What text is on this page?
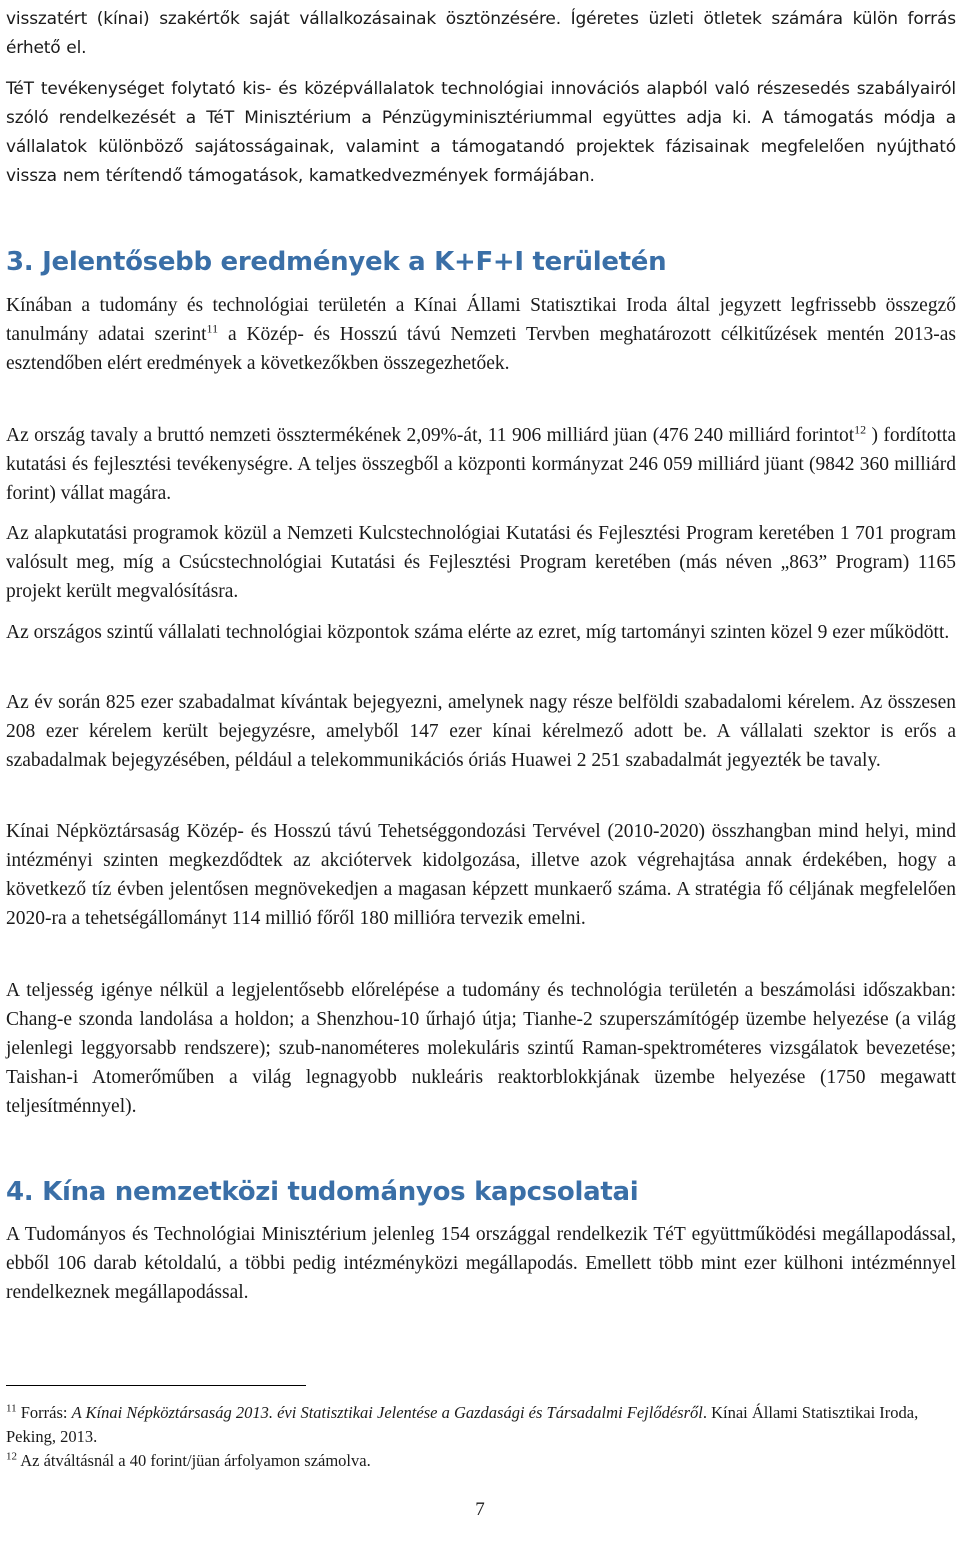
visszatért (kínai) szakértők saját vállalkozásainak ösztönzésére. Ígéretes üzleti ötletek számára külön forrás érhető el.

TéT tevékenységet folytató kis- és középvállalatok technológiai innovációs alapból való részesedés szabályairól szóló rendelkezését a TéT Minisztérium a Pénzügyminisztériummal együttes adja ki. A támogatás módja a vállalatok különböző sajátosságainak, valamint a támogatandó projektek fázisainak megfelelően nyújtható vissza nem térítendő támogatások, kamatkedvezmények formájában.

3. Jelentősebb eredmények a K+F+I területén

Kínában a tudomány és technológiai területén a Kínai Állami Statisztikai Iroda által jegyzett legfrissebb összegző tanulmány adatai szerint$^{11}$ a Közép- és Hosszú távú Nemzeti Tervben meghatározott célkitűzések mentén 2013-as esztendőben elért eredmények a következőkben összegezhetőek.

Az ország tavaly a bruttó nemzeti össztermékének 2,09%-át, 11 906 milliárd jüan (476 240 milliárd forintot$^{12}$ ) fordította kutatási és fejlesztési tevékenységre. A teljes összegből a központi kormányzat 246 059 milliárd jüant (9842 360 milliárd forint) vállat magára.

Az alapkutatási programok közül a Nemzeti Kulcstechnológiai Kutatási és Fejlesztési Program keretében 1 701 program valósult meg, míg a Csúcstechnológiai Kutatási és Fejlesztési Program keretében (más néven „863” Program) 1165 projekt került megvalósításra.

Az országos szintű vállalati technológiai központok száma elérte az ezret, míg tartományi szinten közel 9 ezer működött.

Az év során 825 ezer szabadalmat kívántak bejegyezni, amelynek nagy része belföldi szabadalomi kérelem. Az összesen 208 ezer kérelem került bejegyzésre, amelyből 147 ezer kínai kérelmező adott be. A vállalati szektor is erős a szabadalmak bejegyzésében, például a telekommunikációs óriás Huawei 2 251 szabadalmát jegyezték be tavaly.

Kínai Népköztársaság Közép- és Hosszú távú Tehetséggondozási Tervével (2010-2020) összhangban mind helyi, mind intézményi szinten megkezdődtek az akciótervek kidolgozása, illetve azok végrehajtása annak érdekében, hogy a következő tíz évben jelentősen megnövekedjen a magasan képzett munkaerő száma. A stratégia fő céljának megfelelően 2020-ra a tehetségállományt 114 millió főről 180 millióra tervezik emelni.

A teljesség igénye nélkül a legjelentősebb előrelépése a tudomány és technológia területén a beszámolási időszakban: Chang-e szonda landolása a holdon; a Shenzhou-10 űrhajó útja; Tianhe-2 szuperszámítógép üzembe helyezése (a világ jelenlegi leggyorsabb rendszere); szub-nanométeres molekuláris szintű Raman-spektrométeres vizsgálatok bevezetése; Taishan-i Atomerőműben a világ legnagyobb nukleáris reaktorblokkjának üzembe helyezése (1750 megawatt teljesítménnyel).

4. Kína nemzetközi tudományos kapcsolatai

A Tudományos és Technológiai Minisztérium jelenleg 154 országgal rendelkezik TéT együttműködési megállapodással, ebből 106 darab kétoldalú, a többi pedig intézményközi megállapodás. Emellett több mint ezer külhoni intézménnyel rendelkeznek megállapodással.

$^{11}$ Forrás: A Kínai Népköztársaság 2013. évi Statisztikai Jelentése a Gazdasági és Társadalmi Fejlődésről. Kínai Állami Statisztikai Iroda, Peking, 2013.

$^{12}$ Az átváltásnál a 40 forint/jüan árfolyamon számolva.

7
